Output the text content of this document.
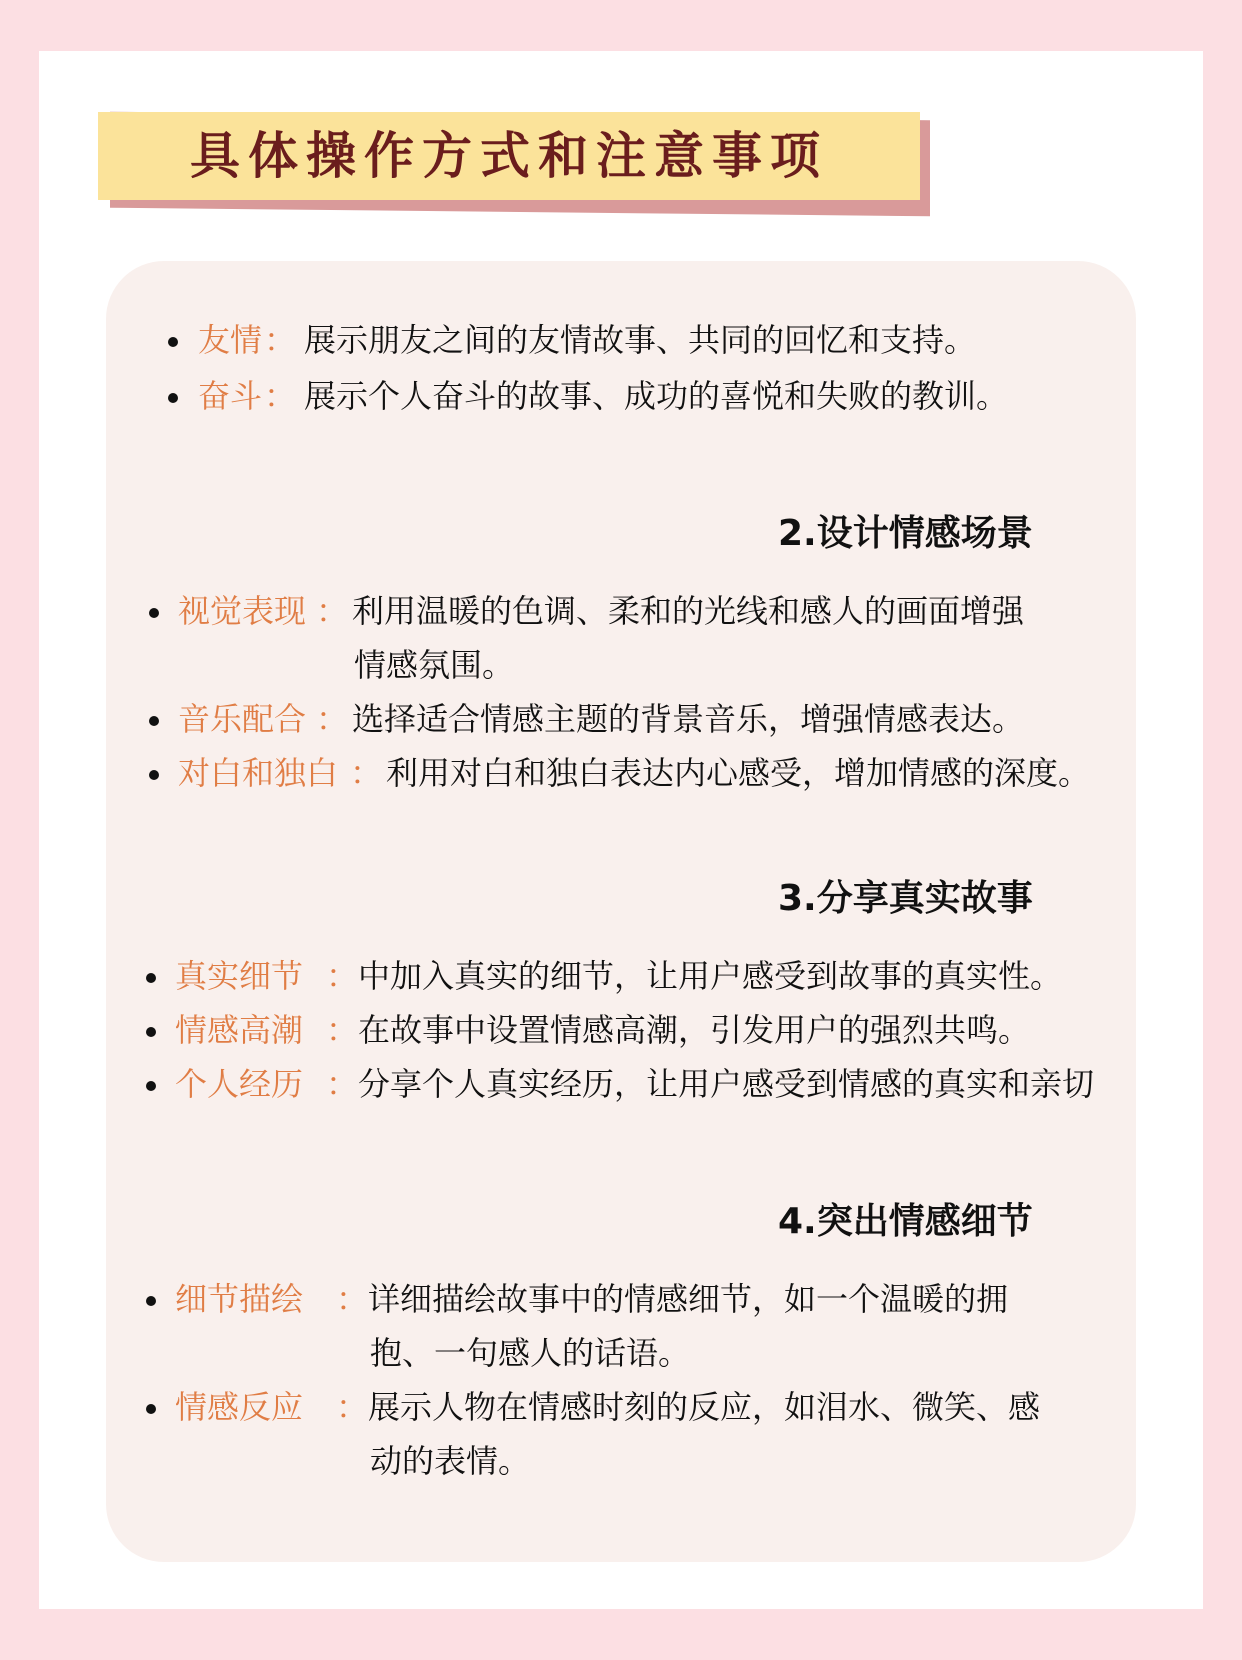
具体操作方式和注意事项
友情 ： 展示朋友之间的友情故事、共同的回忆和支持。
奋斗 ： 展示个人奋斗的故事、成功的喜悦和失败的教训。
2.设计情感场景
视觉表现 ： 利用温暖的色调、柔和的光线和感人的画面增强
情感氛围。
音乐配合 ： 选择适合情感主题的背景音乐，增强情感表达。
对白和独白 ： 利用对白和独白表达内心感受，增加情感的深度。
3.分享真实故事
真实细节 ： 中加入真实的细节，让用户感受到故事的真实性。
情感高潮 ： 在故事中设置情感高潮，引发用户的强烈共鸣。
个人经历 ： 分享个人真实经历，让用户感受到情感的真实和亲切
4.突出情感细节
细节描绘 ： 详细描绘故事中的情感细节，如一个温暖的拥
抱、一句感人的话语。
情感反应 ： 展示人物在情感时刻的反应，如泪水、微笑、感
动的表情。
